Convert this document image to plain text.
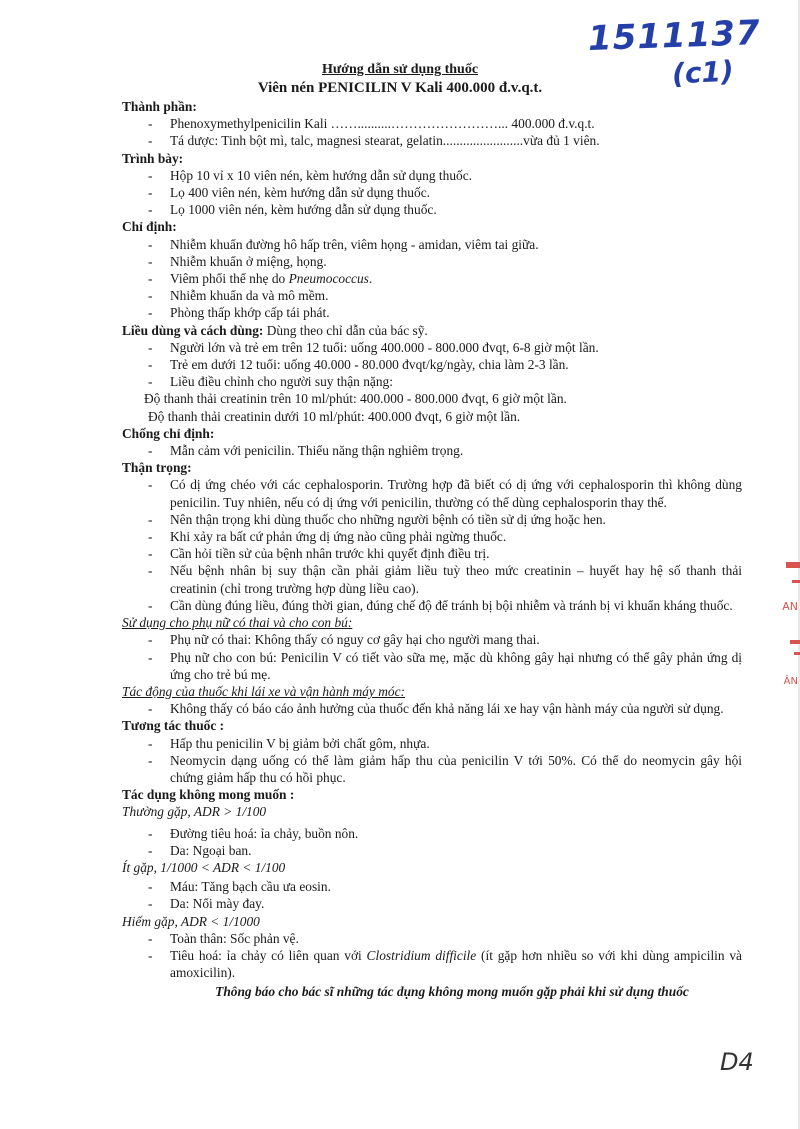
1511137
(c1)
D4
Hướng dẫn sử dụng thuốc
Viên nén PENICILIN V Kali 400.000 đ.v.q.t.

Thành phần:

- Phenoxymethylpenicilin Kali ……..........……………………... 400.000 đ.v.q.t.
- Tá dược: Tinh bột mì, talc, magnesi stearat, gelatin........................vừa đủ 1 viên.

Trình bày:

- Hộp 10 vỉ x 10 viên nén, kèm hướng dẫn sử dụng thuốc.
- Lọ 400 viên nén, kèm hướng dẫn sử dụng thuốc.
- Lọ 1000 viên nén, kèm hướng dẫn sử dụng thuốc.

Chỉ định:

- Nhiễm khuẩn đường hô hấp trên, viêm họng - amidan, viêm tai giữa.
- Nhiễm khuẩn ở miệng, họng.
- Viêm phổi thể nhẹ do Pneumococcus.
- Nhiễm khuẩn da và mô mềm.
- Phòng thấp khớp cấp tái phát.

Liều dùng và cách dùng: Dùng theo chỉ dẫn của bác sỹ.

- Người lớn và trẻ em trên 12 tuổi: uống 400.000 - 800.000 đvqt, 6-8 giờ một lần.
- Trẻ em dưới 12 tuổi: uống 40.000 - 80.000 đvqt/kg/ngày, chia làm 2-3 lần.
- Liều điều chỉnh cho người suy thận nặng:

Độ thanh thải creatinin trên 10 ml/phút: 400.000 - 800.000 đvqt, 6 giờ một lần.

Độ thanh thải creatinin dưới 10 ml/phút: 400.000 đvqt, 6 giờ một lần.

Chống chỉ định:

- Mẫn cảm với penicilin. Thiểu năng thận nghiêm trọng.

Thận trọng:

- Có dị ứng chéo với các cephalosporin. Trường hợp đã biết có dị ứng với cephalosporin thì không dùng penicilin. Tuy nhiên, nếu có dị ứng với penicilin, thường có thể dùng cephalosporin thay thế.
- Nên thận trọng khi dùng thuốc cho những người bệnh có tiền sử dị ứng hoặc hen.
- Khi xảy ra bất cứ phản ứng dị ứng nào cũng phải ngừng thuốc.
- Cần hỏi tiền sử của bệnh nhân trước khi quyết định điều trị.
- Nếu bệnh nhân bị suy thận cần phải giảm liều tuỳ theo mức creatinin – huyết hay hệ số thanh thải creatinin (chỉ trong trường hợp dùng liều cao).
- Cần dùng đúng liều, đúng thời gian, đúng chế độ để tránh bị bội nhiễm và tránh bị vi khuẩn kháng thuốc.

Sử dụng cho phụ nữ có thai và cho con bú:

- Phụ nữ có thai: Không thấy có nguy cơ gây hại cho người mang thai.
- Phụ nữ cho con bú: Penicilin V có tiết vào sữa mẹ, mặc dù không gây hại nhưng có thể gây phản ứng dị ứng cho trẻ bú mẹ.

Tác động của thuốc khi lái xe và vận hành máy móc:

- Không thấy có báo cáo ảnh hưởng của thuốc đến khả năng lái xe hay vận hành máy của người sử dụng.

Tương tác thuốc :

- Hấp thu penicilin V bị giảm bởi chất gôm, nhựa.
- Neomycin dạng uống có thể làm giảm hấp thu của penicilin V tới 50%. Có thể do neomycin gây hội chứng giảm hấp thu có hồi phục.

Tác dụng không mong muốn :

Thường gặp, ADR > 1/100

- Đường tiêu hoá: ỉa chảy, buồn nôn.
- Da: Ngoại ban.

Ít gặp, 1/1000 < ADR < 1/100

- Máu: Tăng bạch cầu ưa eosin.
- Da: Nổi mày đay.

Hiếm gặp, ADR < 1/1000

- Toàn thân: Sốc phản vệ.
- Tiêu hoá: ỉa chảy có liên quan với Clostridium difficile (ít gặp hơn nhiều so với khi dùng ampicilin và amoxicilin).

Thông báo cho bác sĩ những tác dụng không mong muốn gặp phải khi sử dụng thuốc

AN
ÂN
